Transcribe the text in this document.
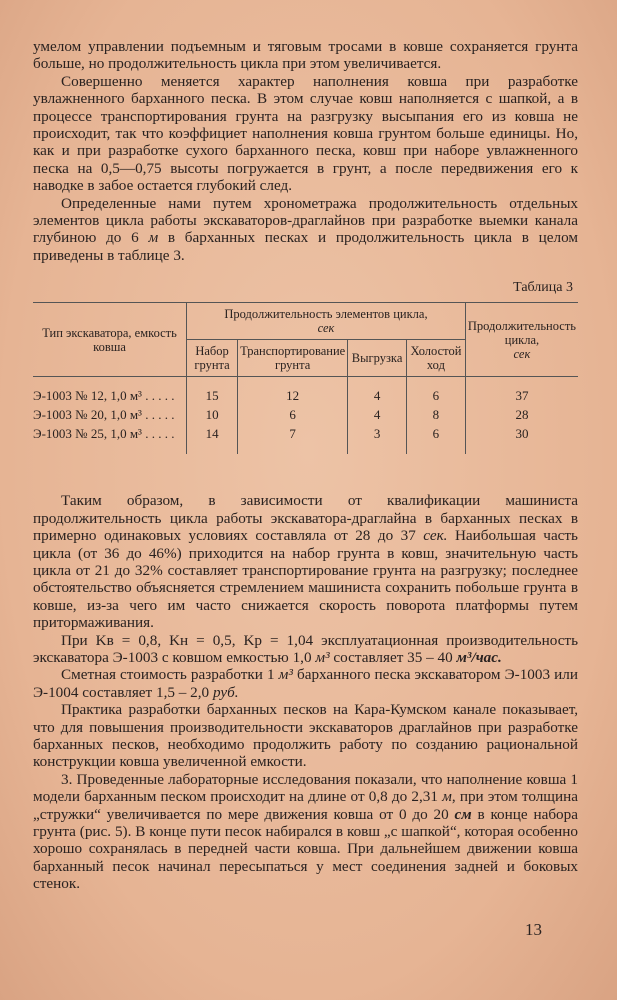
умелом управлении подъемным и тяговым тросами в ковше сохраняется грунта больше, но продолжительность цикла при этом увеличивается.

Совершенно меняется характер наполнения ковша при разработке увлажненного барханного песка. В этом случае ковш наполняется с шапкой, а в процессе транспортирования грунта на разгрузку высыпания его из ковша не происходит, так что коэффициет наполнения ковша грунтом больше единицы. Но, как и при разработке сухого барханного песка, ковш при наборе увлажненного песка на 0,5—0,75 высоты погружается в грунт, а после передвижения его к наводке в забое остается глубокий след.

Определенные нами путем хронометража продолжительность отдельных элементов цикла работы экскаваторов-драглайнов при разработке выемки канала глубиною до 6 м в барханных песках и продолжительность цикла в целом приведены в таблице 3.

Таблица 3
Тип экскаватора, емкость ковша	Продолжительность элементов цикла,
сек				Продолжительность цикла,
сек
	Набор грунта	Транспортирование грунта	Выгрузка	Холостой ход	
Э-1003 № 12, 1,0 м³ . . . . .	15	12	4	6	37
Э-1003 № 20, 1,0 м³ . . . . .	10	6	4	8	28
Э-1003 № 25, 1,0 м³ . . . . .	14	7	3	6	30

Таким образом, в зависимости от квалификации машиниста продолжительность цикла работы экскаватора-драглайна в барханных песках в примерно одинаковых условиях составляла от 28 до 37 сек. Наибольшая часть цикла (от 36 до 46%) приходится на набор грунта в ковш, значительную часть цикла от 21 до 32% составляет транспортирование грунта на разгрузку; последнее обстоятельство объясняется стремлением машиниста сохранить побольше грунта в ковше, из-за чего им часто снижается скорость поворота платформы путем притормаживания.

При Kв = 0,8, Kн = 0,5, Kр = 1,04 эксплуатационная производительность экскаватора Э-1003 с ковшом емкостью 1,0 м³ составляет 35 – 40 м³/час.

Сметная стоимость разработки 1 м³ барханного песка экскаватором Э-1003 или Э-1004 составляет 1,5 – 2,0 руб.

Практика разработки барханных песков на Кара-Кумском канале показывает, что для повышения производительности экскаваторов драглайнов при разработке барханных песков, необходимо продолжить работу по созданию рациональной конструкции ковша увеличенной емкости.

3. Проведенные лабораторные исследования показали, что наполнение ковша 1 модели барханным песком происходит на длине от 0,8 до 2,31 м, при этом толщина „стружки“ увеличивается по мере движения ковша от 0 до 20 см в конце набора грунта (рис. 5). В конце пути песок набирался в ковш „с шапкой“, которая особенно хорошо сохранялась в передней части ковша. При дальнейшем движении ковша барханный песок начинал пересыпаться у мест соединения задней и боковых стенок.

13
